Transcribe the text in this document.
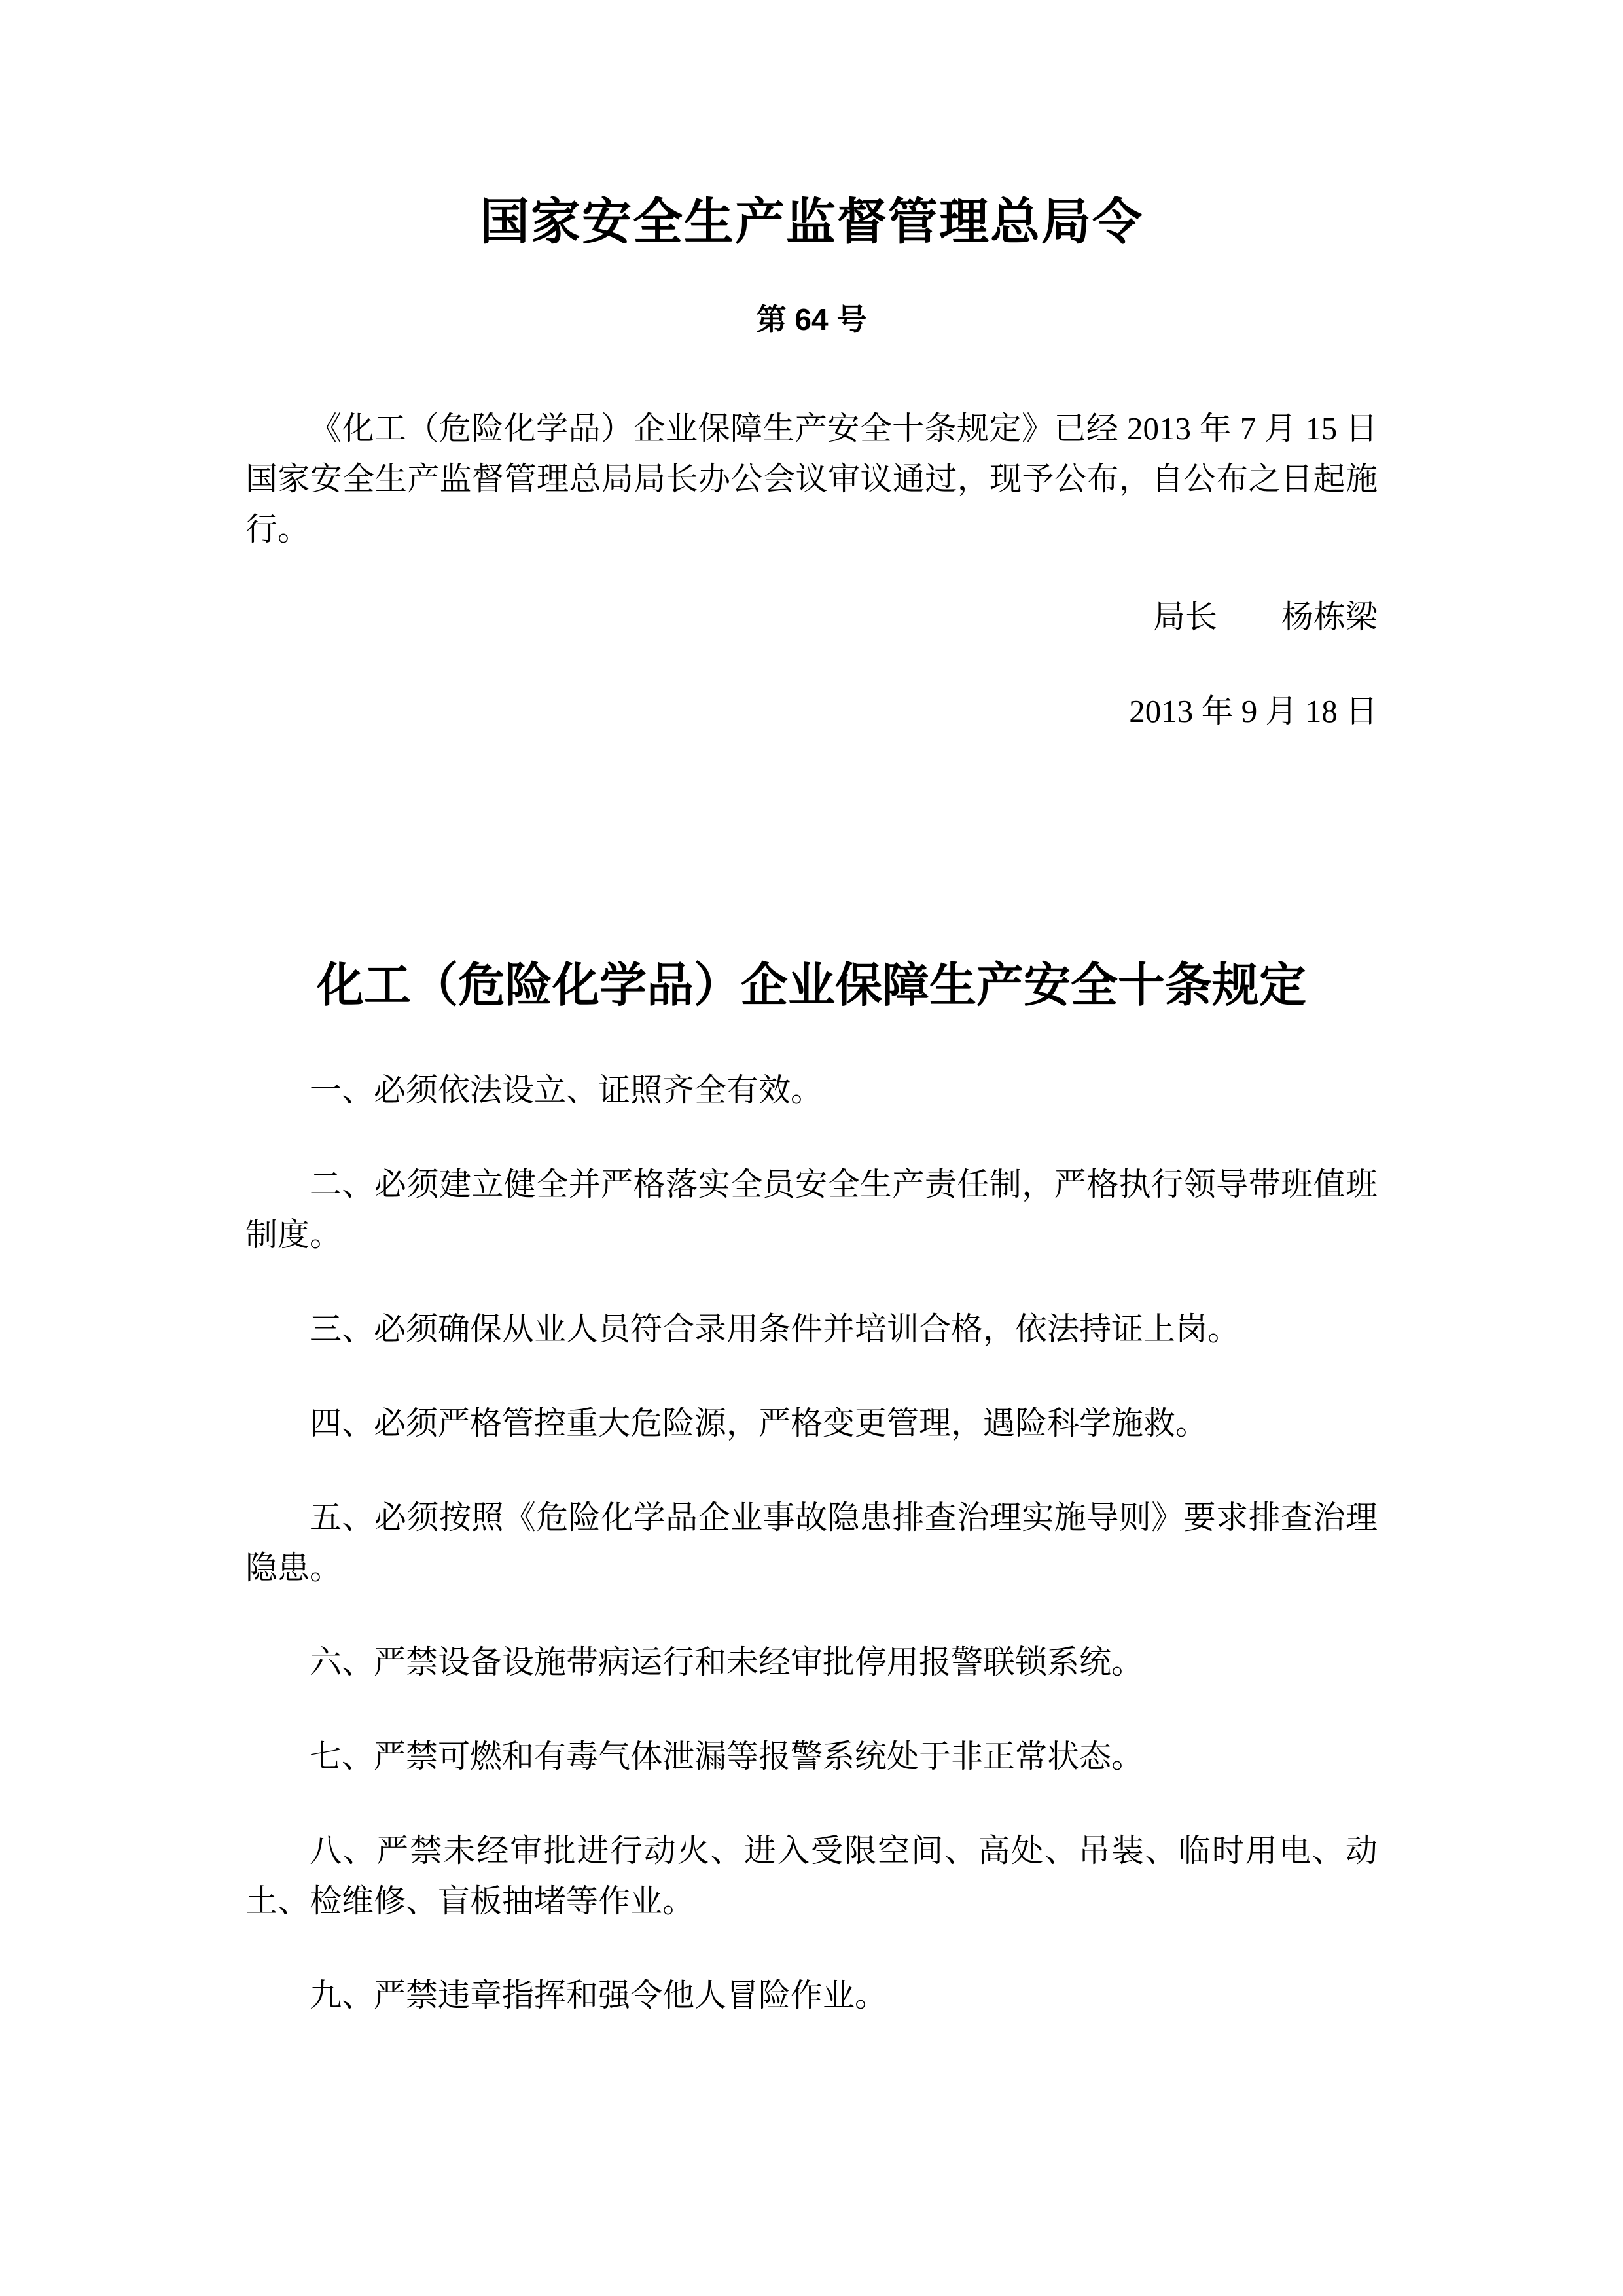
国家安全生产监督管理总局令
第 64 号

《化工（危险化学品）企业保障生产安全十条规定》已经 2013 年 7 月 15 日国家安全生产监督管理总局局长办公会议审议通过，现予公布，自公布之日起施行。

局长　　杨栋梁

2013 年 9 月 18 日

化工（危险化学品）企业保障生产安全十条规定

一、必须依法设立、证照齐全有效。

二、必须建立健全并严格落实全员安全生产责任制，严格执行领导带班值班制度。

三、必须确保从业人员符合录用条件并培训合格，依法持证上岗。

四、必须严格管控重大危险源，严格变更管理，遇险科学施救。

五、必须按照《危险化学品企业事故隐患排查治理实施导则》要求排查治理隐患。

六、严禁设备设施带病运行和未经审批停用报警联锁系统。

七、严禁可燃和有毒气体泄漏等报警系统处于非正常状态。

八、严禁未经审批进行动火、进入受限空间、高处、吊装、临时用电、动土、检维修、盲板抽堵等作业。

九、严禁违章指挥和强令他人冒险作业。
